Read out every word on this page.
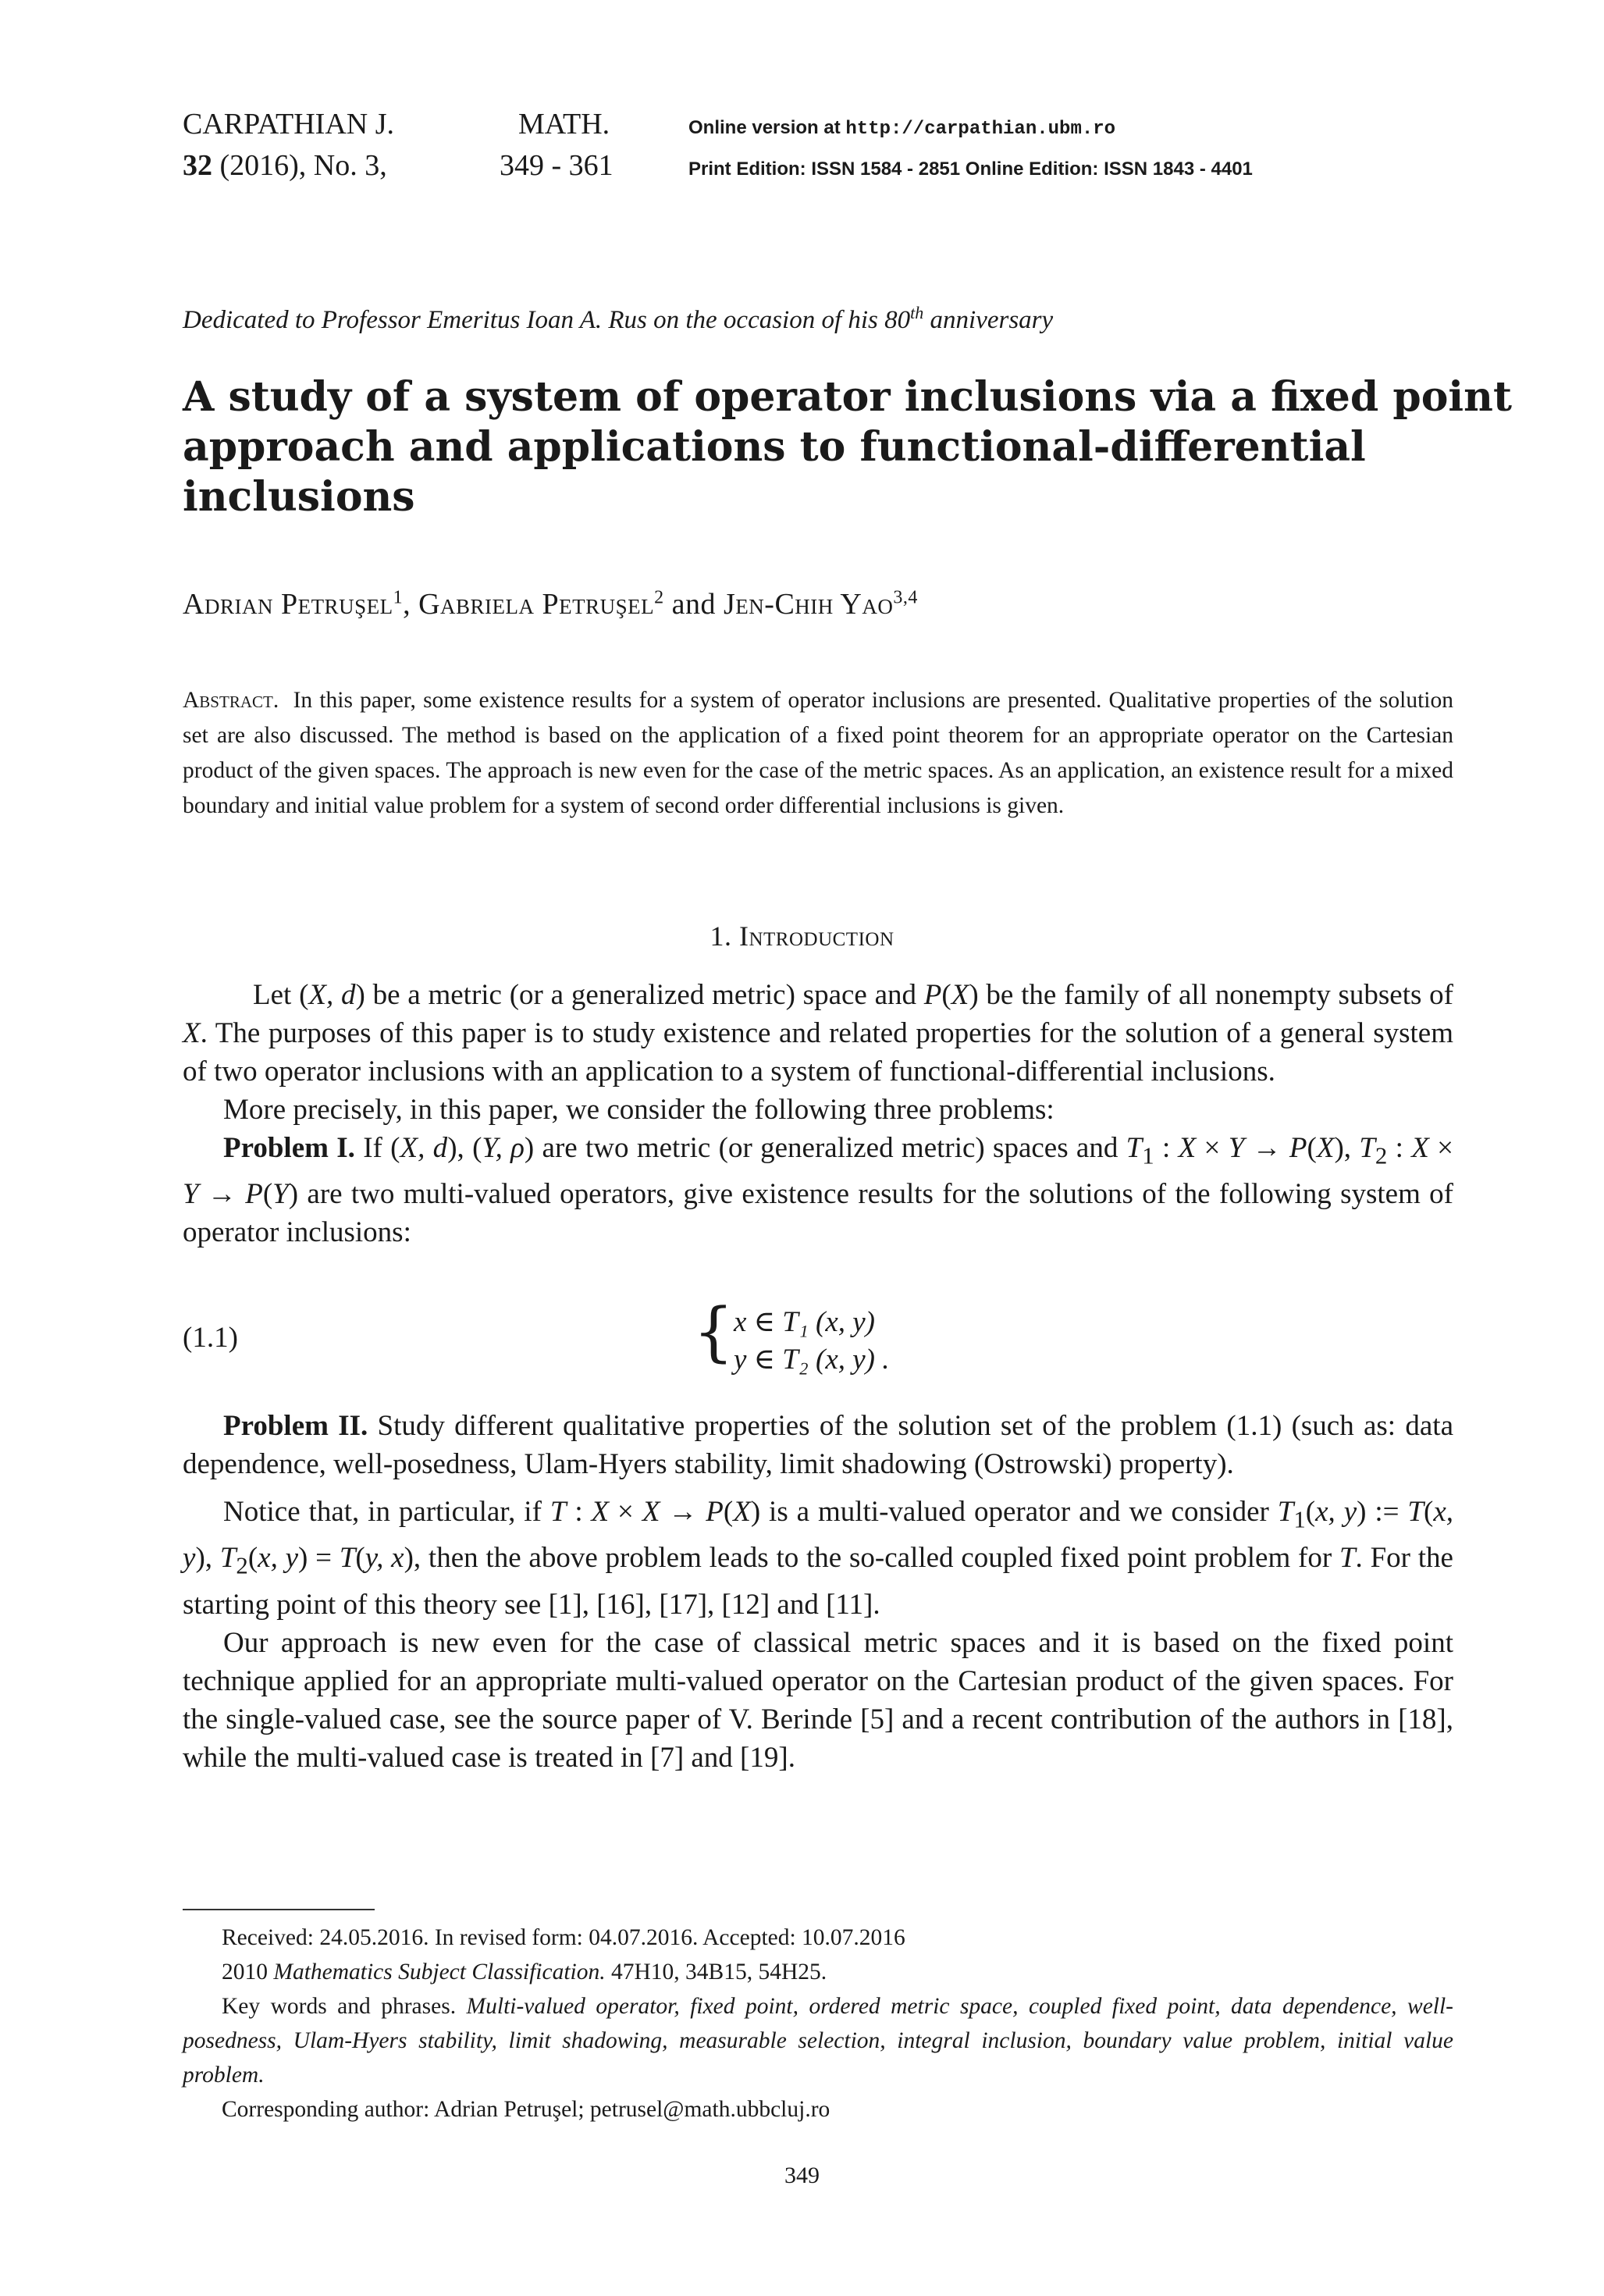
CARPATHIAN J.	MATH.
32 (2016), No. 3,	349 - 361
Online version at http://carpathian.ubm.ro
Print Edition: ISSN 1584 - 2851 Online Edition: ISSN 1843 - 4401
Dedicated to Professor Emeritus Ioan A. Rus on the occasion of his 80th anniversary
A study of a system of operator inclusions via a fixed point
approach and applications to functional-differential
inclusions
Adrian Petruşel$^1$, Gabriela Petruşel$^2$ and Jen-Chih Yao$^{3,4}$
Abstract. In this paper, some existence results for a system of operator inclusions are presented. Qualitative properties of the solution set are also discussed. The method is based on the application of a fixed point theorem for an appropriate operator on the Cartesian product of the given spaces. The approach is new even for the case of the metric spaces. As an application, an existence result for a mixed boundary and initial value problem for a system of second order differential inclusions is given.
1. Introduction

Let (X, d) be a metric (or a generalized metric) space and P(X) be the family of all nonempty subsets of X. The purposes of this paper is to study existence and related properties for the solution of a general system of two operator inclusions with an application to a system of functional-differential inclusions.

More precisely, in this paper, we consider the following three problems:

Problem I. If (X, d), (Y, ρ) are two metric (or generalized metric) spaces and $T_1$ : X × Y → P(X), $T_2$ : X × Y → P(Y) are two multi-valued operators, give existence results for the solutions of the following system of operator inclusions:

(1.1)	{ x ∈ T₁ (x, y)
y ∈ T₂ (x, y) .

Problem II. Study different qualitative properties of the solution set of the problem (1.1) (such as: data dependence, well-posedness, Ulam-Hyers stability, limit shadowing (Ostrowski) property).

Notice that, in particular, if T : X × X → P(X) is a multi-valued operator and we consider $T_1(x$, y) := T(x, y), $T_2(x$, y) = T(y, x), then the above problem leads to the so-called coupled fixed point problem for T. For the starting point of this theory see [1], [16], [17], [12] and [11].

Our approach is new even for the case of classical metric spaces and it is based on the fixed point technique applied for an appropriate multi-valued operator on the Cartesian product of the given spaces. For the single-valued case, see the source paper of V. Berinde [5] and a recent contribution of the authors in [18], while the multi-valued case is treated in [7] and [19].

Received: 24.05.2016. In revised form: 04.07.2016. Accepted: 10.07.2016

2010 Mathematics Subject Classification. 47H10, 34B15, 54H25.

Key words and phrases. Multi-valued operator, fixed point, ordered metric space, coupled fixed point, data dependence, well-posedness, Ulam-Hyers stability, limit shadowing, measurable selection, integral inclusion, boundary value problem, initial value problem.

Corresponding author: Adrian Petruşel; petrusel@math.ubbcluj.ro

349
